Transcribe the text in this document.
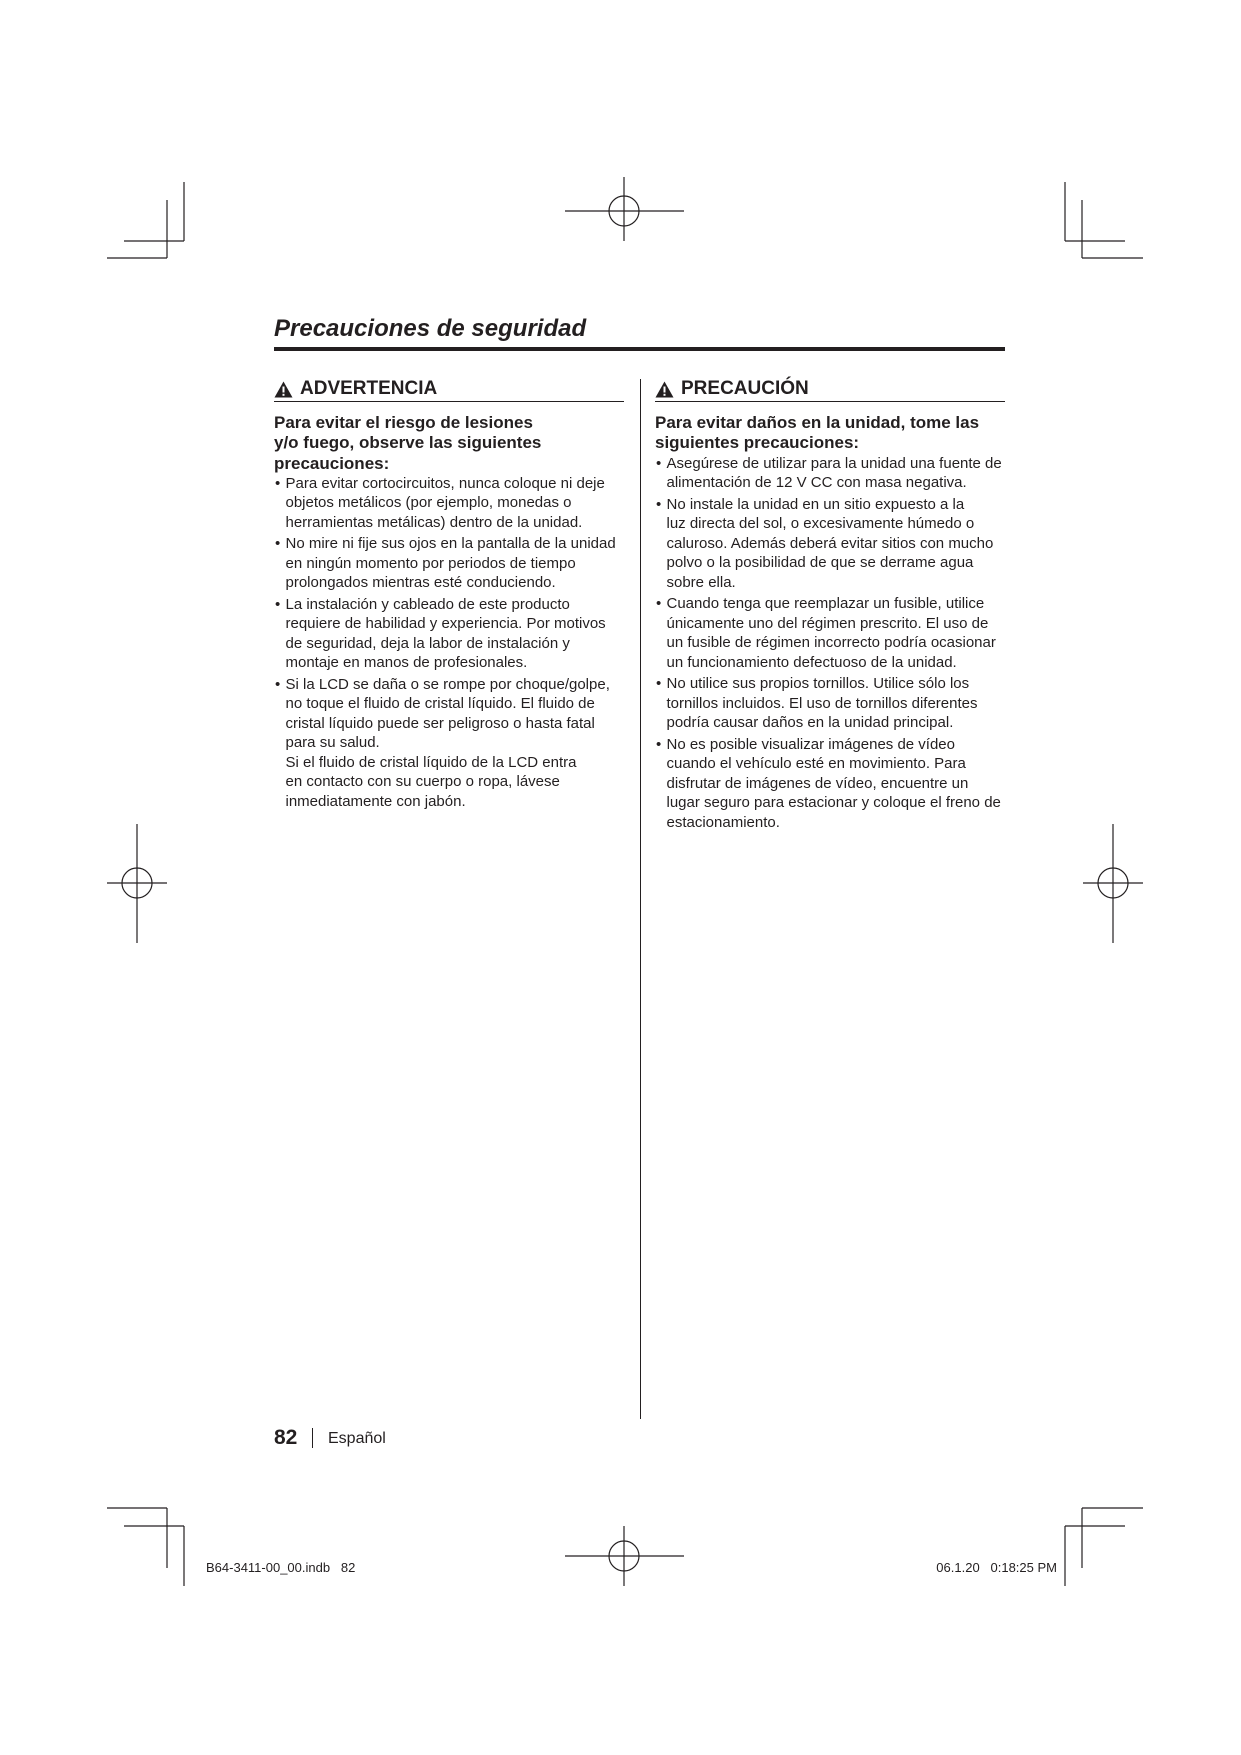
Precauciones de seguridad
ADVERTENCIA
Para evitar el riesgo de lesiones
y/o fuego, observe las siguientes
precauciones:
• Para evitar cortocircuitos, nunca coloque ni deje
objetos metálicos (por ejemplo, monedas o
herramientas metálicas) dentro de la unidad.
• No mire ni fije sus ojos en la pantalla de la unidad
en ningún momento por periodos de tiempo
prolongados mientras esté conduciendo.
• La instalación y cableado de este producto
requiere de habilidad y experiencia. Por motivos
de seguridad, deja la labor de instalación y
montaje en manos de profesionales.
• Si la LCD se daña o se rompe por choque/golpe,
no toque el fluido de cristal líquido. El fluido de
cristal líquido puede ser peligroso o hasta fatal
para su salud.
Si el fluido de cristal líquido de la LCD entra
en contacto con su cuerpo o ropa, lávese
inmediatamente con jabón.
PRECAUCIÓN
Para evitar daños en la unidad, tome las
siguientes precauciones:
• Asegúrese de utilizar para la unidad una fuente de
alimentación de 12 V CC con masa negativa.
• No instale la unidad en un sitio expuesto a la
luz directa del sol, o excesivamente húmedo o
caluroso. Además deberá evitar sitios con mucho
polvo o la posibilidad de que se derrame agua
sobre ella.
• Cuando tenga que reemplazar un fusible, utilice
únicamente uno del régimen prescrito. El uso de
un fusible de régimen incorrecto podría ocasionar
un funcionamiento defectuoso de la unidad.
• No utilice sus propios tornillos. Utilice sólo los
tornillos incluidos. El uso de tornillos diferentes
podría causar daños en la unidad principal.
• No es posible visualizar imágenes de vídeo
cuando el vehículo esté en movimiento. Para
disfrutar de imágenes de vídeo, encuentre un
lugar seguro para estacionar y coloque el freno de
estacionamiento.
82 Español
B64-3411-00_00.indb   82	06.1.20   0:18:25 PM
